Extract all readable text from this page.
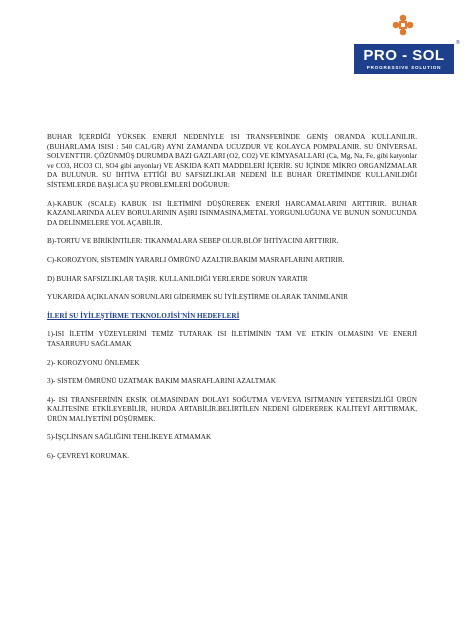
®
PRO - SOL
PROGRESSIVE SOLUTION

BUHAR İÇERDİĞİ YÜKSEK ENERJİ NEDENİYLE ISI TRANSFERİNDE GENİŞ ORANDA KULLANILIR. (BUHARLAMA ISISI : 540 CAL/GR) AYNI ZAMANDA UCUZDUR VE KOLAYCA POMPALANIR. SU ÜNİVERSAL SOLVENTTIR. ÇÖZÜNMÜŞ DURUMDA BAZI GAZLARI (O2, CO2) VE KİMYASALLARI (Ca, Mg, Na, Fe, gibi katyonlar ve CO3, HCO3 Cl, SO4 gibi anyonlar) VE ASKIDA KATI MADDELERİ İÇERİR. SU İÇİNDE MİKRO ORGANİZMALAR DA BULUNUR. SU İHTİVA ETTİĞİ BU SAFSIZLIKLAR NEDENİ İLE BUHAR ÜRETİMİNDE KULLANILDIĞI SİSTEMLERDE BAŞLICA ŞU PROBLEMLERİ DOĞURUR:

A)-KABUK (SCALE) KABUK ISI İLETİMİNİ DÜŞÜREREK ENERJİ HARCAMALARINI ARTTIRIR. BUHAR KAZANLARINDA ALEV BORULARININ AŞIRI ISINMASINA,METAL YORGUNLUĞUNA VE BUNUN SONUCUNDA DA DELİNMELERE YOL AÇABİLİR.

B)-TORTU VE BİRİKİNTİLER: TIKANMALARA SEBEP OLUR.BLÖF İHTİYACINI ARTTIRIR.

C)-KOROZYON, SİSTEMİN YARARLI ÖMRÜNÜ AZALTIR.BAKIM MASRAFLARINI ARTIRIR.

D) BUHAR SAFSIZLIKLAR TAŞIR. KULLANILDIĞI YERLERDE SORUN YARATIR

YUKARIDA AÇIKLANAN SORUNLARI GİDERMEK SU İYİLEŞTİRME OLARAK TANIMLANIR

İLERİ SU İYİLEŞTİRME TEKNOLOJİSİ'NİN HEDEFLERİ

1)-ISI İLETİM YÜZEYLERİNİ TEMİZ TUTARAK ISI İLETİMİNİN TAM VE ETKİN OLMASINI VE ENERJİ TASARRUFU SAĞLAMAK

2)- KOROZYONU ÖNLEMEK

3)- SİSTEM ÖMRÜNÜ UZATMAK BAKIM MASRAFLARINI AZALTMAK

4)- ISI TRANSFERİNİN EKSİK OLMASINDAN DOLAYI SOĞUTMA VE/VEYA ISITMANIN YETERSİZLİĞİ ÜRÜN KALİTESİNE ETKİLEYEBİLİR, HURDA ARTABİLİR.BELİRTİLEN NEDENİ GİDEREREK KALİTEYİ ARTTIRMAK, ÜRÜN MALİYETİNİ DÜŞÜRMEK.

5)-İŞÇLİNSAN SAĞLIĞINI TEHLİKEYE ATMAMAK

6)- ÇEVREYİ KORUMAK.
